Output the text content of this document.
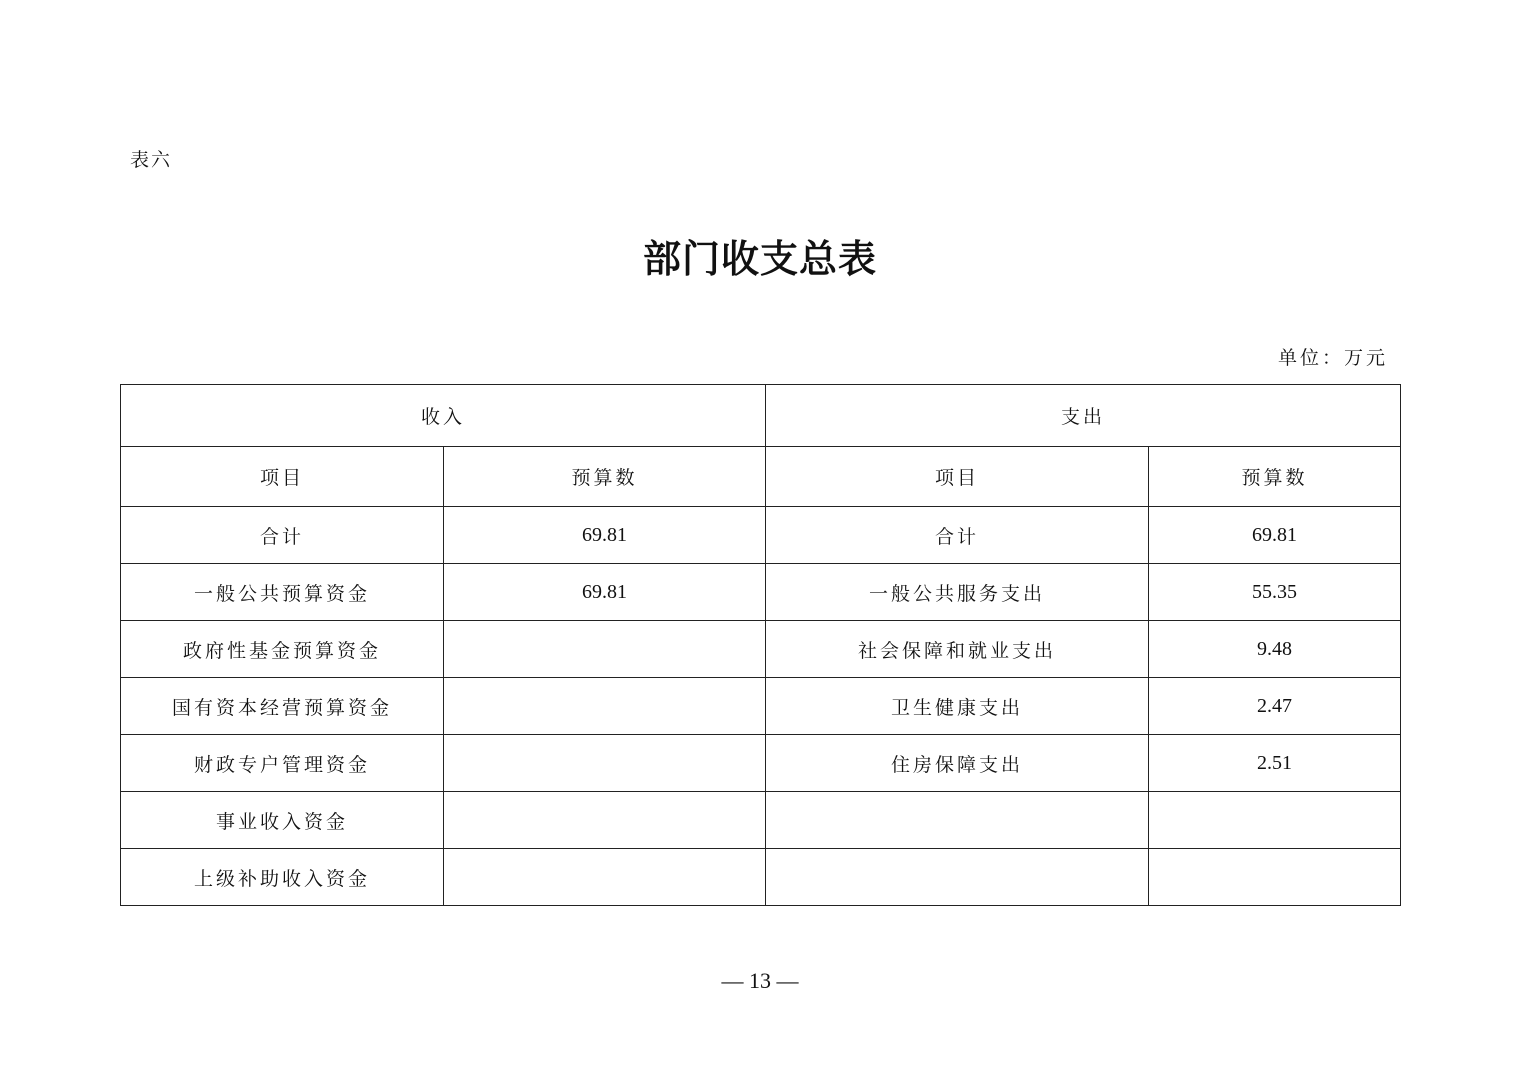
表六
部门收支总表
单位：万元
收入		支出	
项目	预算数	项目	预算数
合计	69.81	合计	69.81
一般公共预算资金	69.81	一般公共服务支出	55.35
政府性基金预算资金		社会保障和就业支出	9.48
国有资本经营预算资金		卫生健康支出	2.47
财政专户管理资金		住房保障支出	2.51
事业收入资金			
上级补助收入资金			
— 13 —
